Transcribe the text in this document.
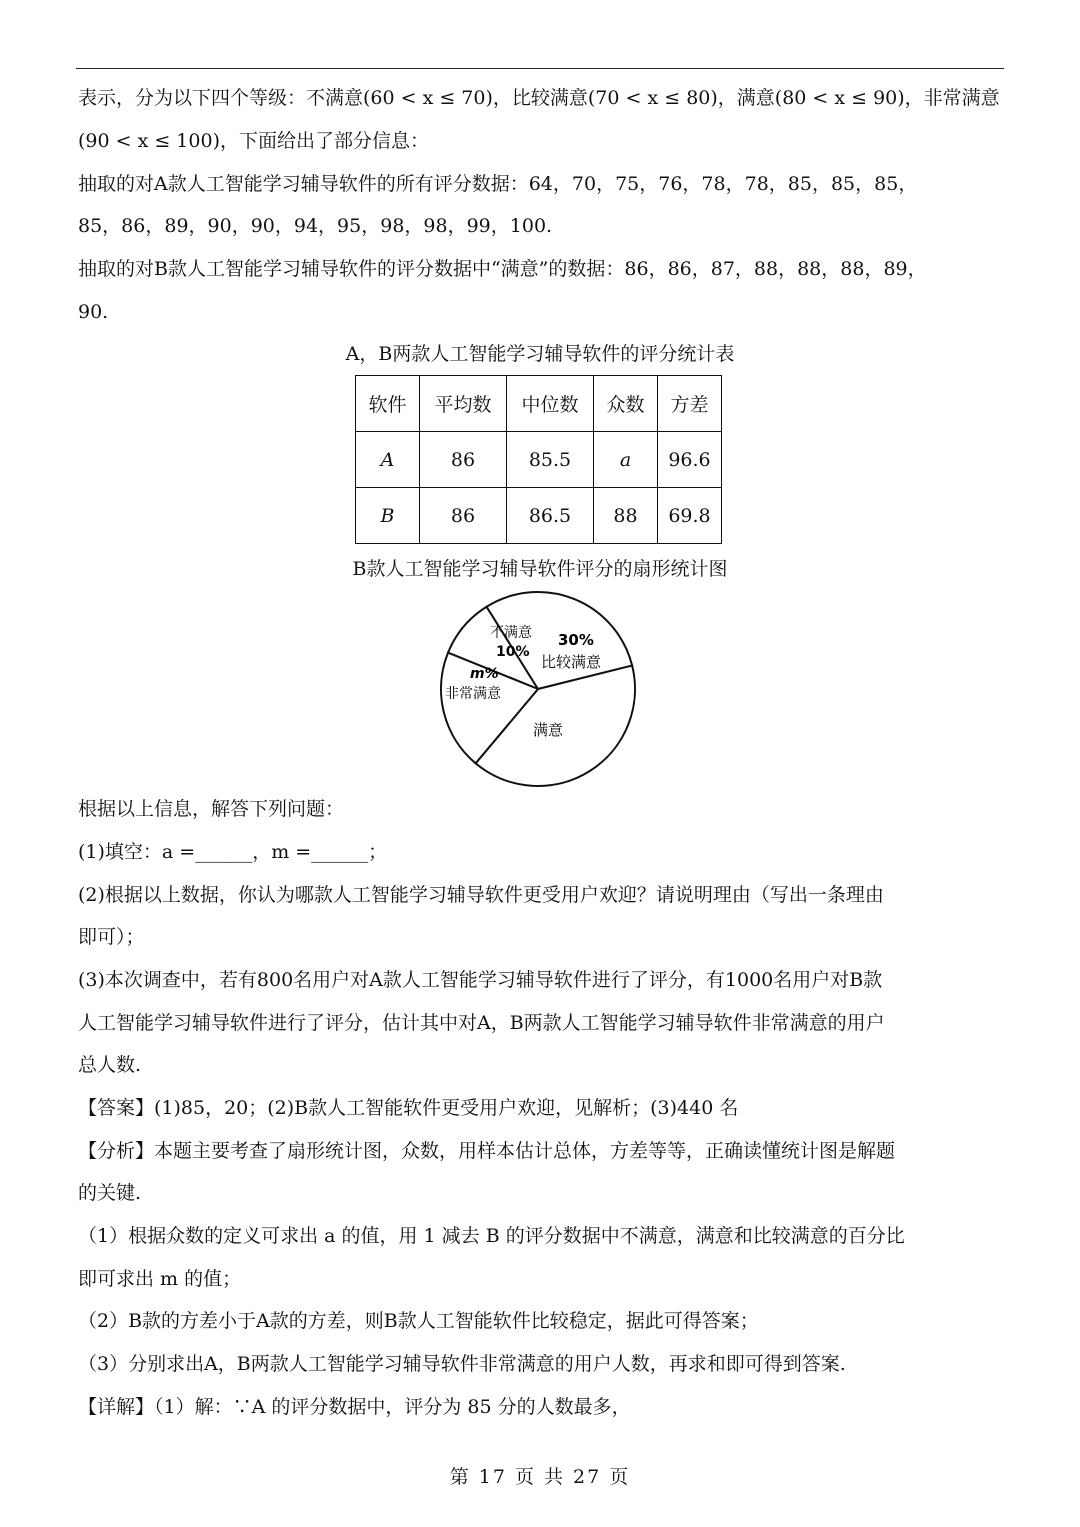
表示，分为以下四个等级：不满意(60 < x ≤ 70)，比较满意(70 < x ≤ 80)，满意(80 < x ≤ 90)，非常满意
(90 < x ≤ 100)，下面给出了部分信息：
抽取的对A款人工智能学习辅导软件的所有评分数据：64，70，75，76，78，78，85，85，85，
85，86，89，90，90，94，95，98，98，99，100.
抽取的对B款人工智能学习辅导软件的评分数据中“满意”的数据：86，86，87，88，88，88，89，
90.
A，B两款人工智能学习辅导软件的评分统计表
软件	平均数	中位数	众数	方差
A	86	85.5	a	96.6
B	86	86.5	88	69.8
B款人工智能学习辅导软件评分的扇形统计图
不满意
10%
30%
比较满意
m%
非常满意
满意
根据以上信息，解答下列问题：
(1)填空：a =______，m =______；
(2)根据以上数据，你认为哪款人工智能学习辅导软件更受用户欢迎？请说明理由（写出一条理由
即可）；
(3)本次调查中，若有800名用户对A款人工智能学习辅导软件进行了评分，有1000名用户对B款
人工智能学习辅导软件进行了评分，估计其中对A，B两款人工智能学习辅导软件非常满意的用户
总人数.
【答案】(1)85，20；(2)B款人工智能软件更受用户欢迎，见解析；(3)440 名
【分析】本题主要考查了扇形统计图，众数，用样本估计总体，方差等等，正确读懂统计图是解题
的关键.
（1）根据众数的定义可求出 a 的值，用 1 减去 B 的评分数据中不满意，满意和比较满意的百分比
即可求出 m 的值；
（2）B款的方差小于A款的方差，则B款人工智能软件比较稳定，据此可得答案；
（3）分别求出A，B两款人工智能学习辅导软件非常满意的用户人数，再求和即可得到答案.
【详解】（1）解：∵A 的评分数据中，评分为 85 分的人数最多，
第 17 页 共 27 页
